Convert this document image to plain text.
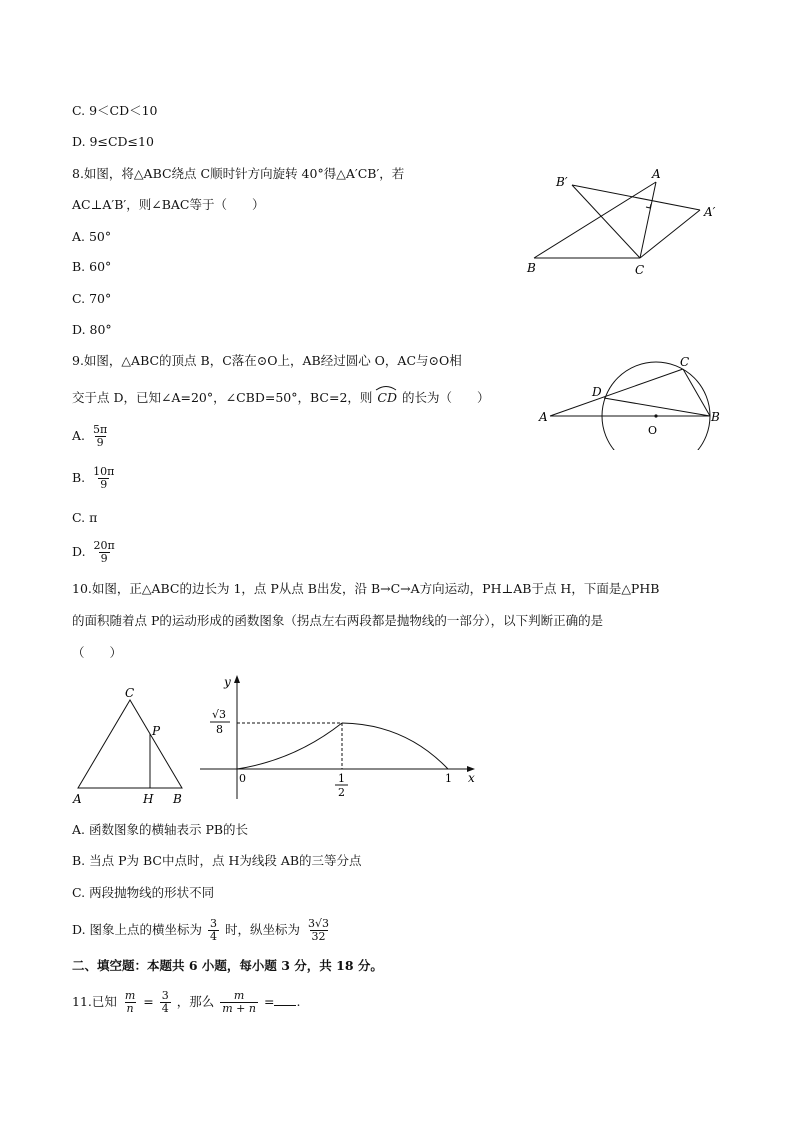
C. 9＜CD＜10
D. 9≤CD≤10
8.如图，将△ABC绕点 C顺时针方向旋转 40°得△A′CB′，若
AC⊥A′B′，则∠BAC等于（　　）
A. 50°
B. 60°
C. 70°
D. 80°
B′
A
A′
B	C
9.如图，△ABC的顶点 B，C落在⊙O上，AB经过圆心 O，AC与⊙O相
交于点 D，已知∠A=20°，∠CBD=50°，BC=2，则 CD 的长为（　　）
A. $\frac{5\pi}{9}$
B. $\frac{10\pi}{9}$
C. π
D. $\frac{20\pi}{9}$
C
D
A	B
O
10.如图，正△ABC的边长为 1，点 P从点 B出发，沿 B→C→A方向运动，PH⊥AB于点 H，下面是△PHB
的面积随着点 P的运动形成的函数图象（拐点左右两段都是抛物线的一部分），以下判断正确的是
（　　）
C
P
A	H B
y
x
0
√3
8
1
2
1
A. 函数图象的横轴表示 PB的长
B. 当点 P为 BC中点时，点 H为线段 AB的三等分点
C. 两段抛物线的形状不同
D. 图象上点的横坐标为 $\frac{3}{4}$ 时，纵坐标为 $\frac{3√3}{32}$
二、填空题：本题共 6 小题，每小题 3 分，共 18 分。
11.已知 $\frac{m}{n} = \frac{3}{4}$ ，那么 $\frac{m}{m + n}$ = .
